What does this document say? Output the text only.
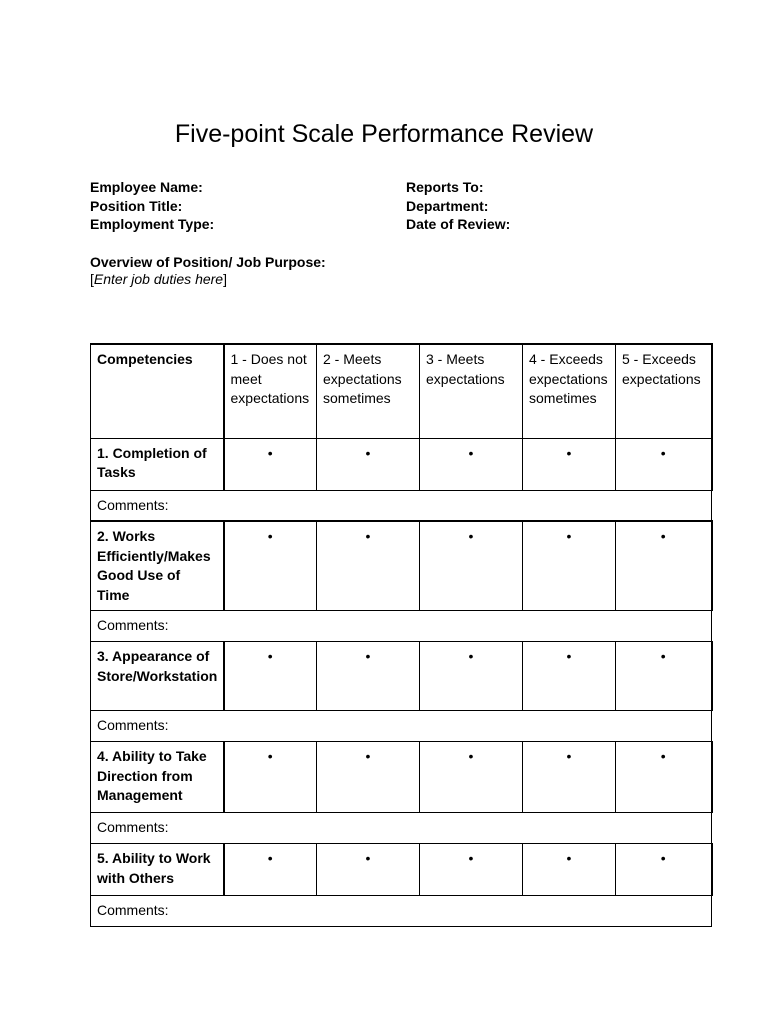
Five-point Scale Performance Review
Employee Name:
Position Title:
Employment Type:
Reports To:
Department:
Date of Review:
Overview of Position/ Job Purpose:
[Enter job duties here]
Competencies	1 - Does not meet expectations	2 - Meets expectations sometimes	3 - Meets expectations	4 - Exceeds expectations sometimes	5 - Exceeds expectations
1. Completion of Tasks	•	•	•	•	•
Comments:					
2. Works Efficiently/Makes Good Use of Time	•	•	•	•	•
Comments:					
3. Appearance of Store/Workstation	•	•	•	•	•
Comments:					
4. Ability to Take Direction from Management	•	•	•	•	•
Comments:					
5. Ability to Work with Others	•	•	•	•	•
Comments:					
